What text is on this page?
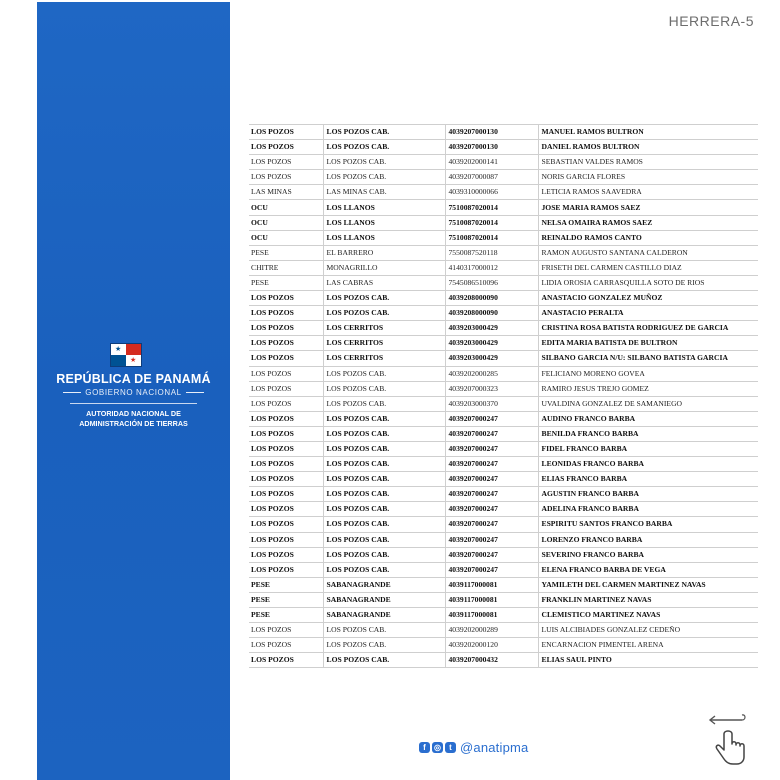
★
★
REPÚBLICA DE PANAMÁ
GOBIERNO NACIONAL
AUTORIDAD NACIONAL DE
ADMINISTRACIÓN DE TIERRAS
HERRERA-5
LOS POZOS	LOS POZOS CAB.	4039207000130	MANUEL RAMOS BULTRON
LOS POZOS	LOS POZOS CAB.	4039207000130	DANIEL RAMOS BULTRON
LOS POZOS	LOS POZOS CAB.	4039202000141	SEBASTIAN VALDES RAMOS
LOS POZOS	LOS POZOS CAB.	4039207000087	NORIS GARCIA FLORES
LAS MINAS	LAS MINAS CAB.	4039310000066	LETICIA RAMOS SAAVEDRA
OCU	LOS LLANOS	7510087020014	JOSE MARIA RAMOS SAEZ
OCU	LOS LLANOS	7510087020014	NELSA OMAIRA RAMOS SAEZ
OCU	LOS LLANOS	7510087020014	REINALDO RAMOS CANTO
PESE	EL BARRERO	7550087520118	RAMON AUGUSTO SANTANA CALDERON
CHITRE	MONAGRILLO	4140317000012	FRISETH DEL CARMEN CASTILLO DIAZ
PESE	LAS CABRAS	7545086510096	LIDIA OROSIA CARRASQUILLA SOTO DE RIOS
LOS POZOS	LOS POZOS CAB.	4039208000090	ANASTACIO GONZALEZ MUÑOZ
LOS POZOS	LOS POZOS CAB.	4039208000090	ANASTACIO PERALTA
LOS POZOS	LOS CERRITOS	4039203000429	CRISTINA ROSA BATISTA RODRIGUEZ DE GARCIA
LOS POZOS	LOS CERRITOS	4039203000429	EDITA MARIA BATISTA DE BULTRON
LOS POZOS	LOS CERRITOS	4039203000429	SILBANO GARCIA N/U: SILBANO BATISTA GARCIA
LOS POZOS	LOS POZOS CAB.	4039202000285	FELICIANO MORENO GOVEA
LOS POZOS	LOS POZOS CAB.	4039207000323	RAMIRO JESUS TREJO GOMEZ
LOS POZOS	LOS POZOS CAB.	4039203000370	UVALDINA GONZALEZ DE SAMANIEGO
LOS POZOS	LOS POZOS CAB.	4039207000247	AUDINO FRANCO BARBA
LOS POZOS	LOS POZOS CAB.	4039207000247	BENILDA FRANCO BARBA
LOS POZOS	LOS POZOS CAB.	4039207000247	FIDEL FRANCO BARBA
LOS POZOS	LOS POZOS CAB.	4039207000247	LEONIDAS FRANCO BARBA
LOS POZOS	LOS POZOS CAB.	4039207000247	ELIAS FRANCO BARBA
LOS POZOS	LOS POZOS CAB.	4039207000247	AGUSTIN FRANCO BARBA
LOS POZOS	LOS POZOS CAB.	4039207000247	ADELINA FRANCO BARBA
LOS POZOS	LOS POZOS CAB.	4039207000247	ESPIRITU SANTOS FRANCO BARBA
LOS POZOS	LOS POZOS CAB.	4039207000247	LORENZO FRANCO BARBA
LOS POZOS	LOS POZOS CAB.	4039207000247	SEVERINO FRANCO BARBA
LOS POZOS	LOS POZOS CAB.	4039207000247	ELENA FRANCO BARBA DE VEGA
PESE	SABANAGRANDE	4039117000081	YAMILETH DEL CARMEN MARTINEZ NAVAS
PESE	SABANAGRANDE	4039117000081	FRANKLIN MARTINEZ NAVAS
PESE	SABANAGRANDE	4039117000081	CLEMISTICO MARTINEZ NAVAS
LOS POZOS	LOS POZOS CAB.	4039202000289	LUIS ALCIBIADES GONZALEZ CEDEÑO
LOS POZOS	LOS POZOS CAB.	4039202000120	ENCARNACION PIMENTEL ARENA
LOS POZOS	LOS POZOS CAB.	4039207000432	ELIAS SAUL PINTO
f	◎	t @anatipma
